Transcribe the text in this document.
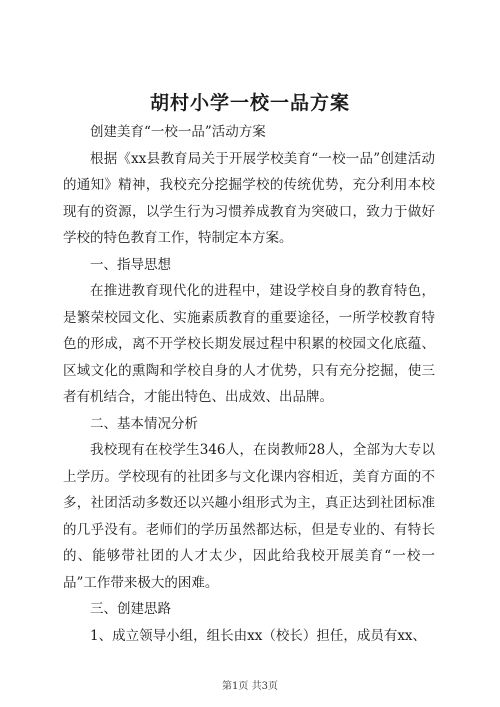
胡村小学一校一品方案

创建美育“一校一品”活动方案

根据《xx县教育局关于开展学校美育“一校一品”创建活动的通知》精神，我校充分挖掘学校的传统优势，充分利用本校现有的资源，以学生行为习惯养成教育为突破口，致力于做好学校的特色教育工作，特制定本方案。

一、指导思想

在推进教育现代化的进程中，建设学校自身的教育特色，是繁荣校园文化、实施素质教育的重要途径，一所学校教育特色的形成，离不开学校长期发展过程中积累的校园文化底蕴、区域文化的熏陶和学校自身的人才优势，只有充分挖掘，使三者有机结合，才能出特色、出成效、出品牌。

二、基本情况分析

我校现有在校学生346人，在岗教师28人，全部为大专以上学历。学校现有的社团多与文化课内容相近，美育方面的不多，社团活动多数还以兴趣小组形式为主，真正达到社团标准的几乎没有。老师们的学历虽然都达标，但是专业的、有特长的、能够带社团的人才太少，因此给我校开展美育“一校一品”工作带来极大的困难。

三、创建思路

1、成立领导小组，组长由xx（校长）担任，成员有xx、

第1页 共3页
